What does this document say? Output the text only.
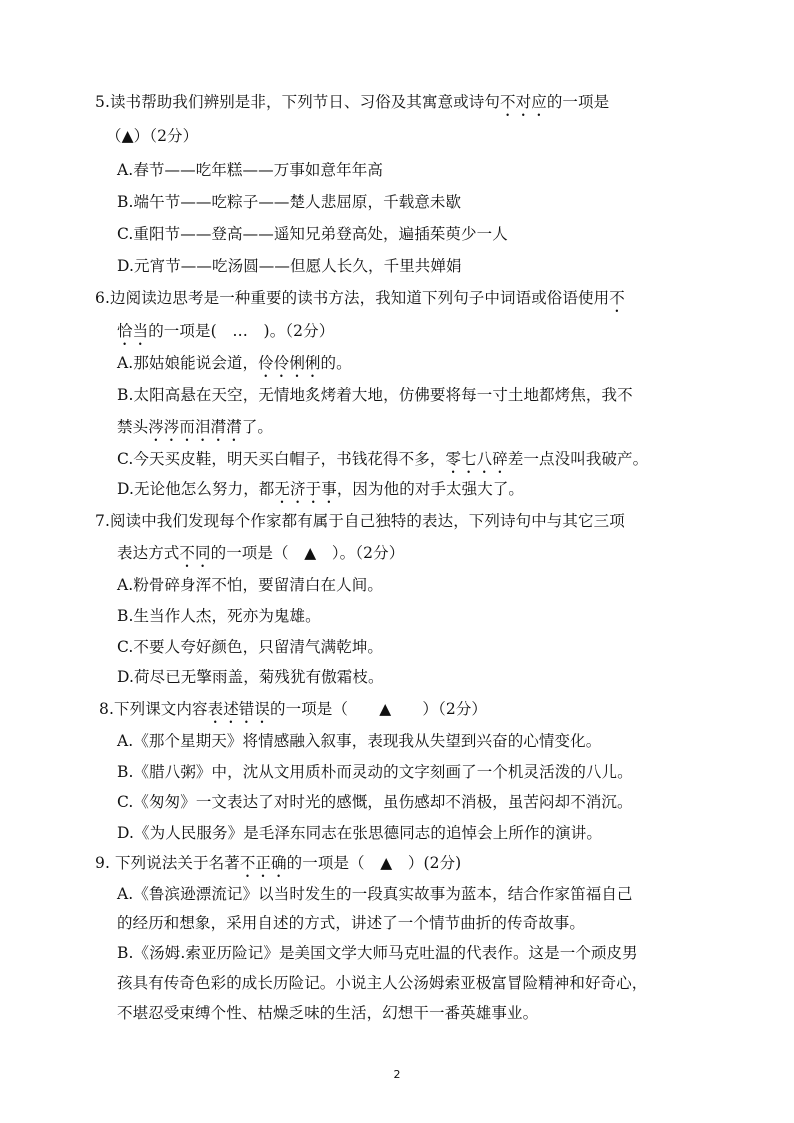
5.读书帮助我们辨别是非，下列节日、习俗及其寓意或诗句不对应的一项是
（▲）（2分）
A.春节——吃年糕——万事如意年年高
B.端午节——吃粽子——楚人悲屈原，千载意未歇
C.重阳节——登高——遥知兄弟登高处，遍插茱萸少一人
D.元宵节——吃汤圆——但愿人长久，千里共婵娟
6.边阅读边思考是一种重要的读书方法，我知道下列句子中词语或俗语使用不
恰当的一项是(　…　)。（2分）
A.那姑娘能说会道，伶伶俐俐的。
B.太阳高悬在天空，无情地炙烤着大地，仿佛要将每一寸土地都烤焦，我不
禁头涔涔而泪潸潸了。
C.今天买皮鞋，明天买白帽子，书钱花得不多，零七八碎差一点没叫我破产。
D.无论他怎么努力，都无济于事，因为他的对手太强大了。
7.阅读中我们发现每个作家都有属于自己独特的表达，下列诗句中与其它三项
表达方式不同的一项是（　▲　）。（2分）
A.粉骨碎身浑不怕，要留清白在人间。
B.生当作人杰，死亦为鬼雄。
C.不要人夸好颜色，只留清气满乾坤。
D.荷尽已无擎雨盖，菊残犹有傲霜枝。
8.下列课文内容表述错误的一项是（　　▲　　）（2分）
A.《那个星期天》将情感融入叙事，表现我从失望到兴奋的心情变化。
B.《腊八粥》中，沈从文用质朴而灵动的文字刻画了一个机灵活泼的八儿。
C.《匆匆》一文表达了对时光的感慨，虽伤感却不消极，虽苦闷却不消沉。
D.《为人民服务》是毛泽东同志在张思德同志的追悼会上所作的演讲。
9. 下列说法关于名著不正确的一项是（　▲　）(2分)
A.《鲁滨逊漂流记》以当时发生的一段真实故事为蓝本，结合作家笛福自己
的经历和想象，采用自述的方式，讲述了一个情节曲折的传奇故事。
B.《汤姆.索亚历险记》是美国文学大师马克吐温的代表作。这是一个顽皮男
孩具有传奇色彩的成长历险记。小说主人公汤姆索亚极富冒险精神和好奇心，
不堪忍受束缚个性、枯燥乏味的生活，幻想干一番英雄事业。
2
